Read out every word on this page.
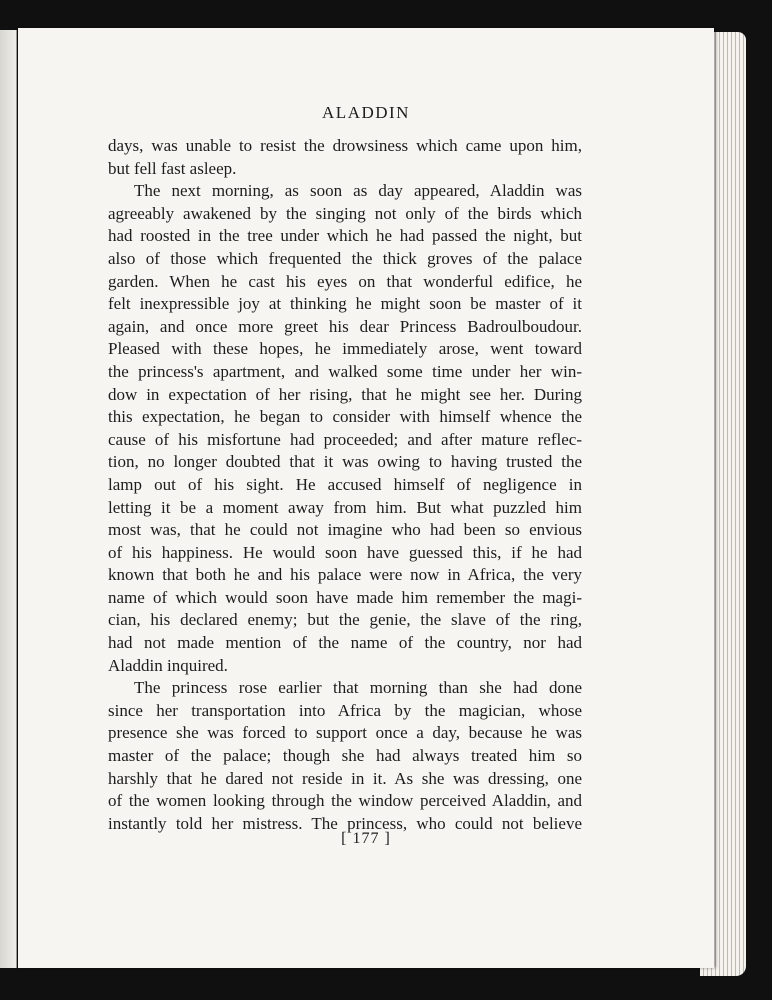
ALADDIN
days, was unable to resist the drowsiness which came upon him,
but fell fast asleep.
The next morning, as soon as day appeared, Aladdin was
agreeably awakened by the singing not only of the birds which
had roosted in the tree under which he had passed the night, but
also of those which frequented the thick groves of the palace
garden. When he cast his eyes on that wonderful edifice, he
felt inexpressible joy at thinking he might soon be master of it
again, and once more greet his dear Princess Badroulboudour.
Pleased with these hopes, he immediately arose, went toward
the princess's apartment, and walked some time under her win-
dow in expectation of her rising, that he might see her. During
this expectation, he began to consider with himself whence the
cause of his misfortune had proceeded; and after mature reflec-
tion, no longer doubted that it was owing to having trusted the
lamp out of his sight. He accused himself of negligence in
letting it be a moment away from him. But what puzzled him
most was, that he could not imagine who had been so envious
of his happiness. He would soon have guessed this, if he had
known that both he and his palace were now in Africa, the very
name of which would soon have made him remember the magi-
cian, his declared enemy; but the genie, the slave of the ring,
had not made mention of the name of the country, nor had
Aladdin inquired.
The princess rose earlier that morning than she had done
since her transportation into Africa by the magician, whose
presence she was forced to support once a day, because he was
master of the palace; though she had always treated him so
harshly that he dared not reside in it. As she was dressing, one
of the women looking through the window perceived Aladdin, and
instantly told her mistress. The princess, who could not believe
[ 177 ]
